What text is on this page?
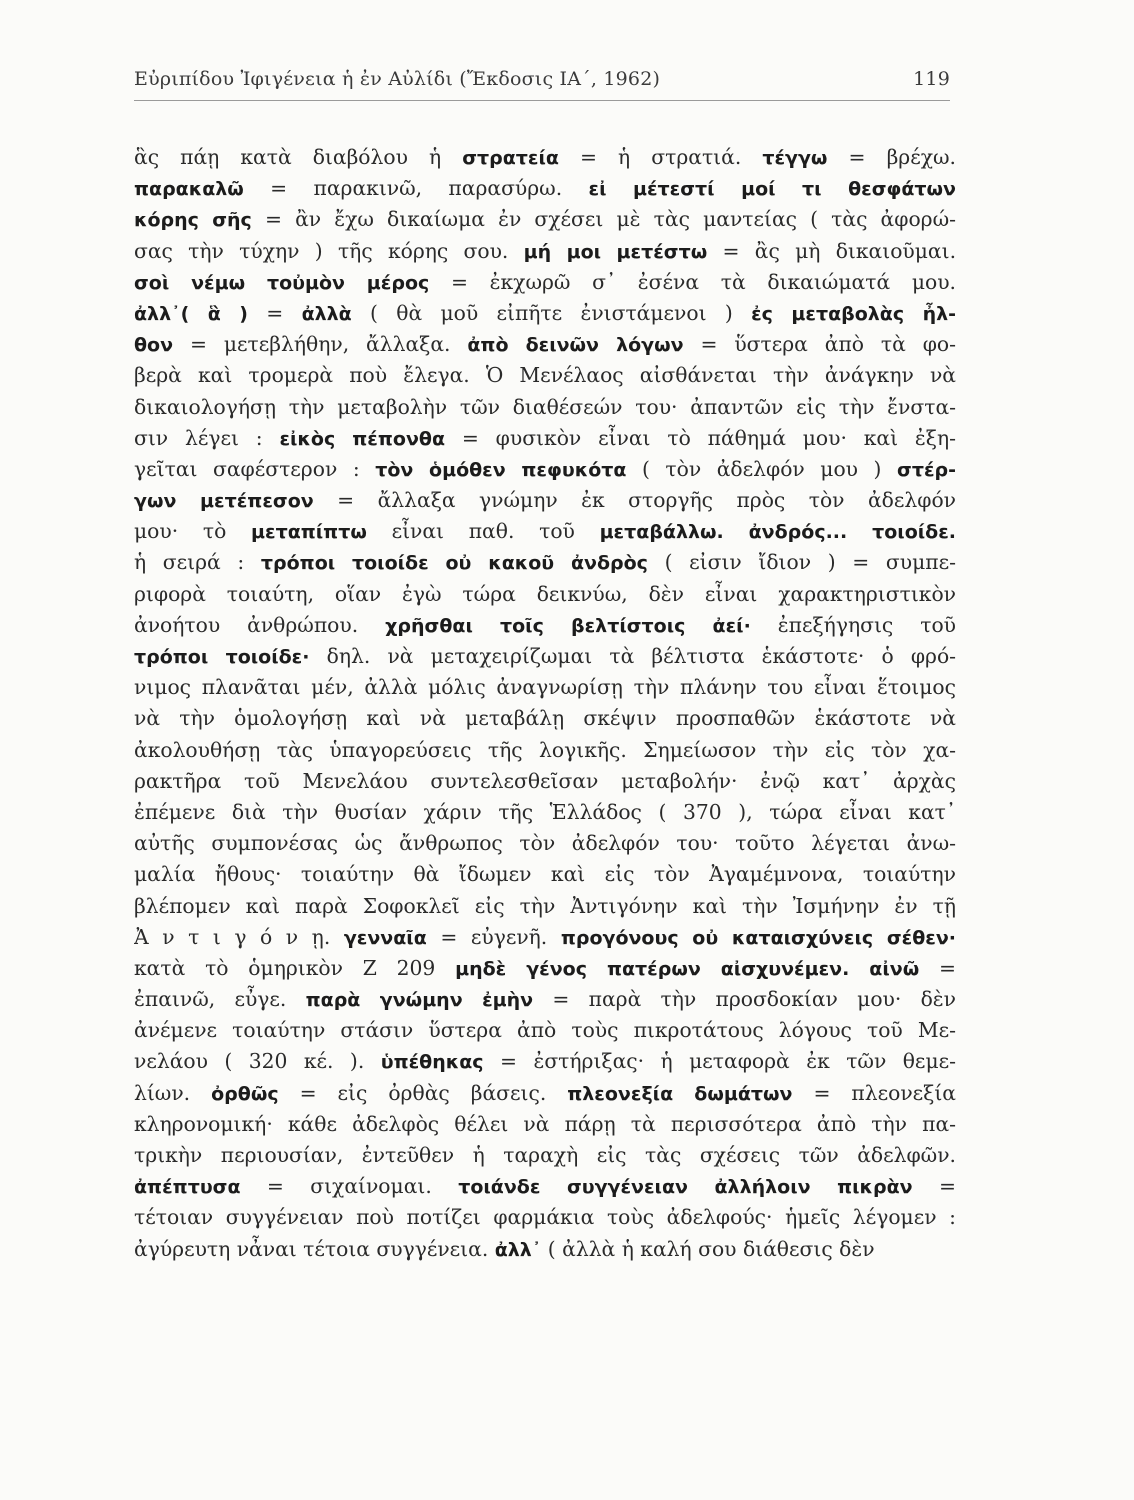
Εὐριπίδου Ἰφιγένεια ἡ ἐν Αὐλίδι (Ἔκδοσις ΙΑ΄, 1962)	119
ἃς πάῃ κατὰ διαβόλου ἡ στρατεία = ἡ στρατιά. τέγγω = βρέχω.
παρακαλῶ = παρακινῶ, παρασύρω. εἰ μέτεστί μοί τι θεσφάτων
κόρης σῆς = ἂν ἔχω δικαίωμα ἐν σχέσει μὲ τὰς μαντείας ( τὰς ἀφορώ-
σας τὴν τύχην ) τῆς κόρης σου. μή μοι μετέστω = ἂς μὴ δικαιοῦμαι.
σοὶ νέμω τοὐμὸν μέρος = ἐκχωρῶ σ᾿ ἐσένα τὰ δικαιώματά μου.
ἀλλ᾿( ἃ ) = ἀλλὰ ( θὰ μοῦ εἰπῆτε ἐνιστάμενοι ) ἐς μεταβολὰς ἦλ-
θον = μετεβλήθην, ἄλλαξα. ἀπὸ δεινῶν λόγων = ὕστερα ἀπὸ τὰ φο-
βερὰ καὶ τρομερὰ ποὺ ἔλεγα. Ὁ Μενέλαος αἰσθάνεται τὴν ἀνάγκην νὰ
δικαιολογήσῃ τὴν μεταβολὴν τῶν διαθέσεών του· ἀπαντῶν εἰς τὴν ἔνστα-
σιν λέγει : εἰκὸς πέπονθα = φυσικὸν εἶναι τὸ πάθημά μου· καὶ ἐξη-
γεῖται σαφέστερον : τὸν ὁμόθεν πεφυκότα ( τὸν ἀδελφόν μου ) στέρ-
γων μετέπεσον = ἄλλαξα γνώμην ἐκ στοργῆς πρὸς τὸν ἀδελφόν
μου· τὸ μεταπίπτω εἶναι παθ. τοῦ μεταβάλλω. ἀνδρός... τοιοίδε.
ἡ σειρά : τρόποι τοιοίδε οὐ κακοῦ ἀνδρὸς ( εἰσιν ἴδιον ) = συμπε-
ριφορὰ τοιαύτη, οἵαν ἐγὼ τώρα δεικνύω, δὲν εἶναι χαρακτηριστικὸν
ἀνοήτου ἀνθρώπου. χρῆσθαι τοῖς βελτίστοις ἀεί· ἐπεξήγησις τοῦ
τρόποι τοιοίδε· δηλ. νὰ μεταχειρίζωμαι τὰ βέλτιστα ἑκάστοτε· ὁ φρό-
νιμος πλανᾶται μέν, ἀλλὰ μόλις ἀναγνωρίσῃ τὴν πλάνην του εἶναι ἕτοιμος
νὰ τὴν ὁμολογήσῃ καὶ νὰ μεταβάλῃ σκέψιν προσπαθῶν ἑκάστοτε νὰ
ἀκολουθήσῃ τὰς ὑπαγορεύσεις τῆς λογικῆς. Σημείωσον τὴν εἰς τὸν χα-
ρακτῆρα τοῦ Μενελάου συντελεσθεῖσαν μεταβολήν· ἐνῷ κατ᾿ ἀρχὰς
ἐπέμενε διὰ τὴν θυσίαν χάριν τῆς Ἑλλάδος ( 370 ), τώρα εἶναι κατ᾿
αὐτῆς συμπονέσας ὡς ἄνθρωπος τὸν ἀδελφόν του· τοῦτο λέγεται ἀνω-
μαλία ἤθους· τοιαύτην θὰ ἴδωμεν καὶ εἰς τὸν Ἀγαμέμνονα, τοιαύτην
βλέπομεν καὶ παρὰ Σοφοκλεῖ εἰς τὴν Ἀντιγόνην καὶ τὴν Ἰσμήνην ἐν τῇ
Ἀ ν τ ι γ ό ν ῃ. γενναῖα = εὐγενῆ. προγόνους οὐ καταισχύνεις σέθεν·
κατὰ τὸ ὁμηρικὸν Ζ 209 μηδὲ γένος πατέρων αἰσχυνέμεν. αἰνῶ =
ἐπαινῶ, εὖγε. παρὰ γνώμην ἐμὴν = παρὰ τὴν προσδοκίαν μου· δὲν
ἀνέμενε τοιαύτην στάσιν ὕστερα ἀπὸ τοὺς πικροτάτους λόγους τοῦ Με-
νελάου ( 320 κέ. ). ὑπέθηκας = ἐστήριξας· ἡ μεταφορὰ ἐκ τῶν θεμε-
λίων. ὀρθῶς = εἰς ὀρθὰς βάσεις. πλεονεξία δωμάτων = πλεονεξία
κληρονομική· κάθε ἀδελφὸς θέλει νὰ πάρῃ τὰ περισσότερα ἀπὸ τὴν πα-
τρικὴν περιουσίαν, ἐντεῦθεν ἡ ταραχὴ εἰς τὰς σχέσεις τῶν ἀδελφῶν.
ἀπέπτυσα = σιχαίνομαι. τοιάνδε συγγένειαν ἀλλήλοιν πικρὰν =
τέτοιαν συγγένειαν ποὺ ποτίζει φαρμάκια τοὺς ἀδελφούς· ἡμεῖς λέγομεν :
ἀγύρευτη νἆναι τέτοια συγγένεια. ἀλλ᾿ ( ἀλλὰ ἡ καλή σου διάθεσις δὲν
